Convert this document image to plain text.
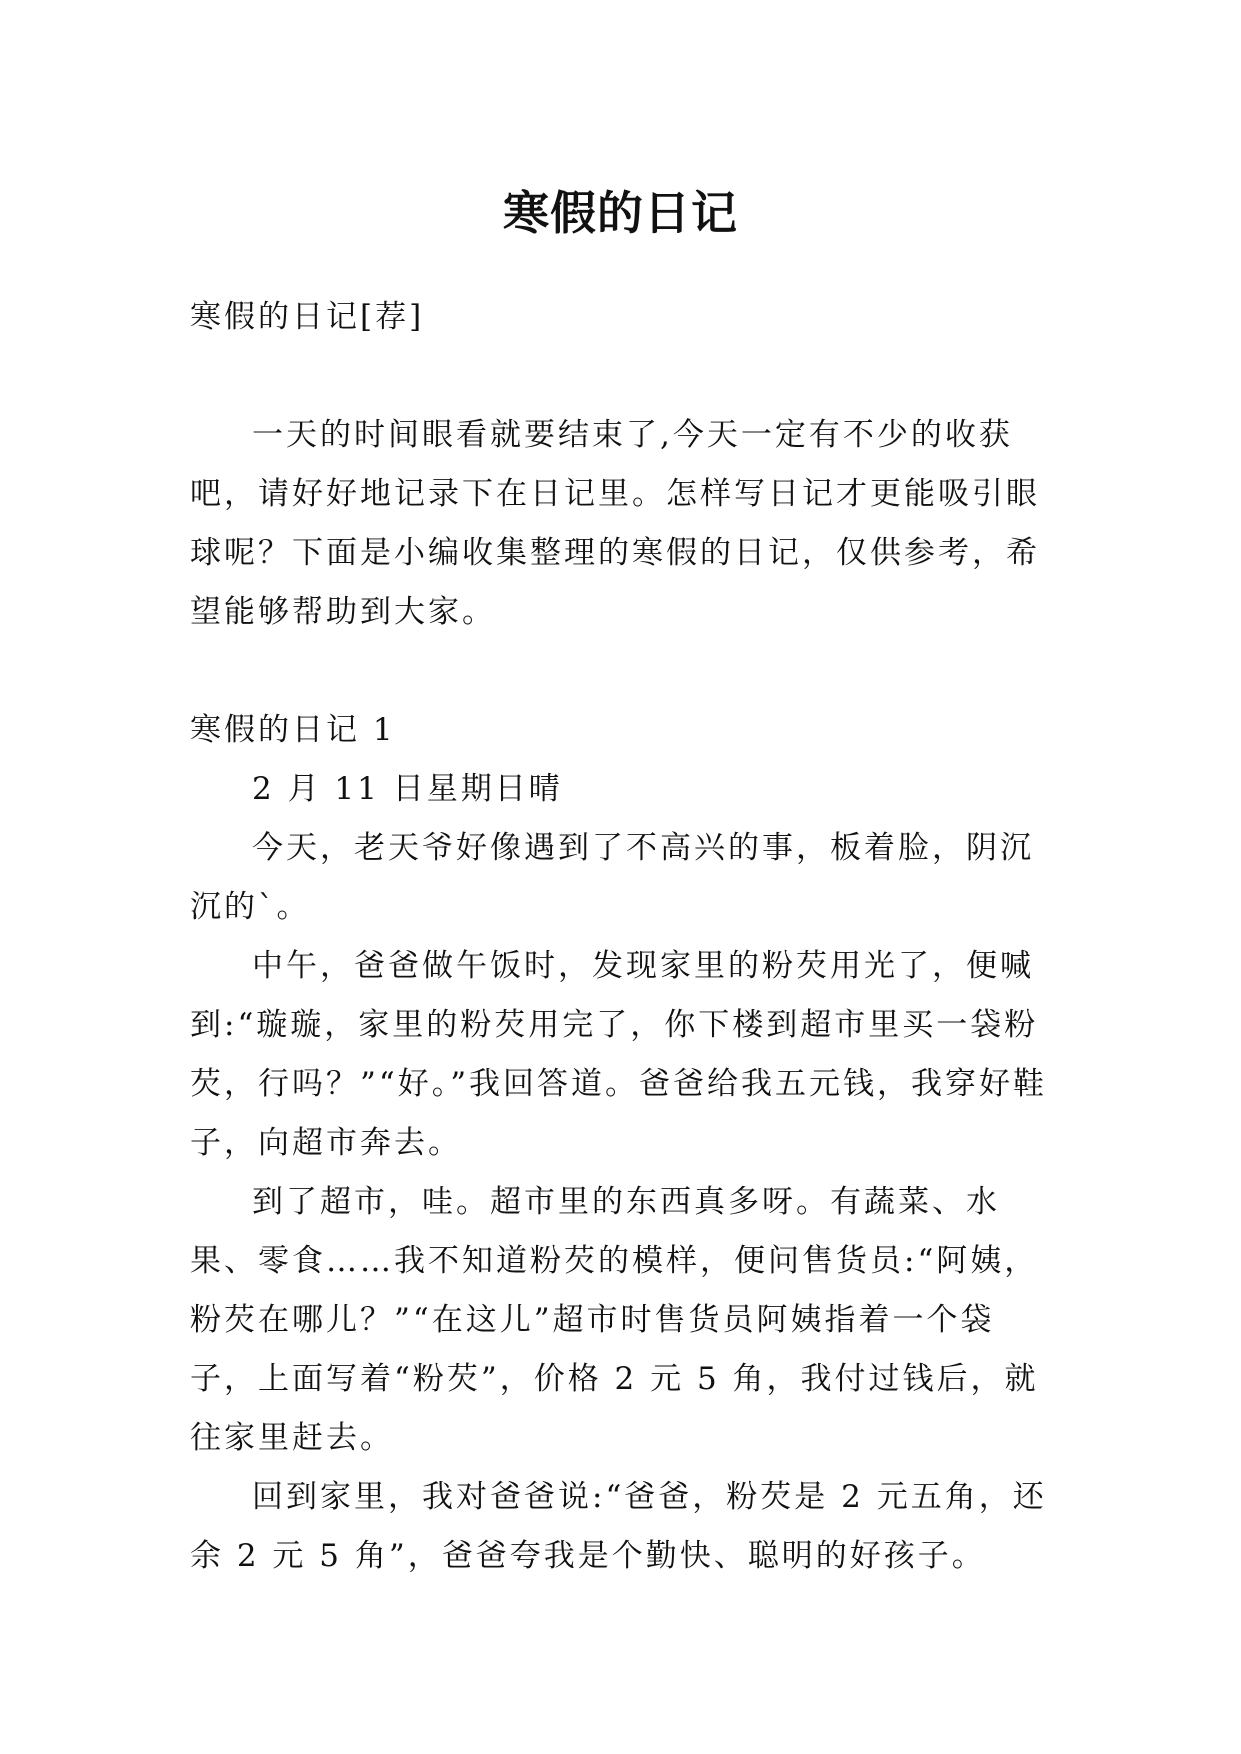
寒假的日记

寒假的日记[荐]

一天的时间眼看就要结束了,今天一定有不少的收获吧，请好好地记录下在日记里。怎样写日记才更能吸引眼球呢？下面是小编收集整理的寒假的日记，仅供参考，希望能够帮助到大家。

寒假的日记 1

2 月 11 日星期日晴

今天，老天爷好像遇到了不高兴的事，板着脸，阴沉沉的`。

中午，爸爸做午饭时，发现家里的粉芡用光了，便喊到:“璇璇，家里的粉芡用完了，你下楼到超市里买一袋粉芡，行吗？”“好。”我回答道。爸爸给我五元钱，我穿好鞋子，向超市奔去。

到了超市，哇。超市里的东西真多呀。有蔬菜、水果、零食……我不知道粉芡的模样，便问售货员:“阿姨，粉芡在哪儿？”“在这儿”超市时售货员阿姨指着一个袋子，上面写着“粉芡”，价格 2 元 5 角，我付过钱后，就往家里赶去。

回到家里，我对爸爸说:“爸爸，粉芡是 2 元五角，还余 2 元 5 角”，爸爸夸我是个勤快、聪明的好孩子。
